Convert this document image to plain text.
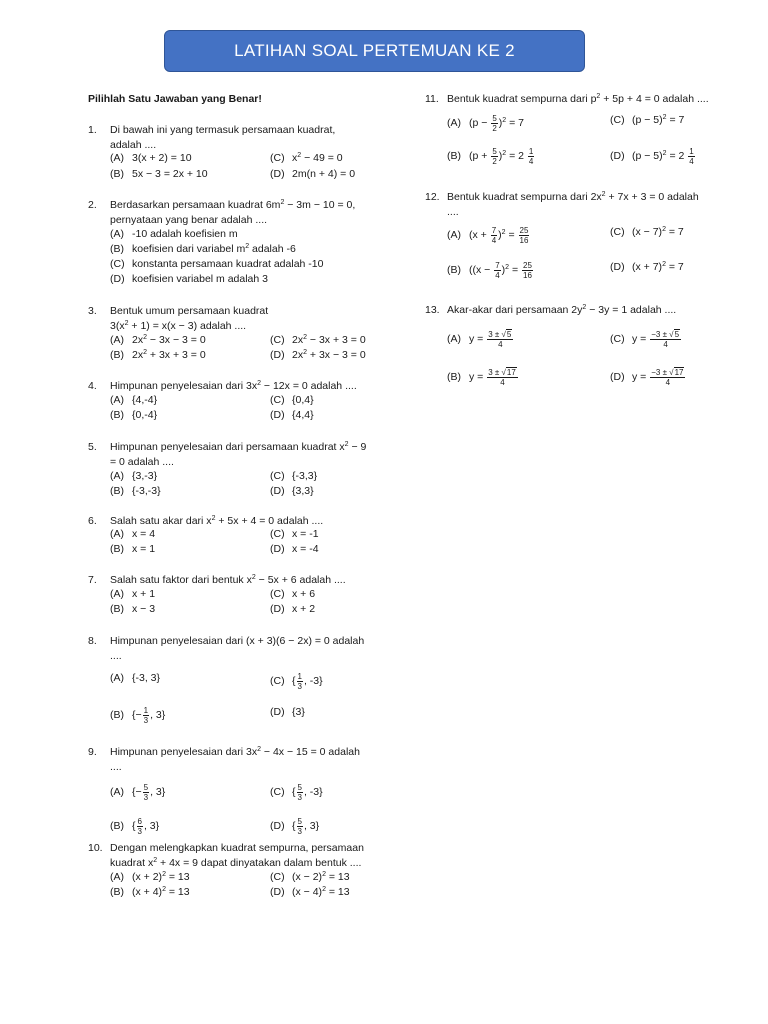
LATIHAN SOAL PERTEMUAN KE 2
Pilihlah Satu Jawaban yang Benar!
1. Di bawah ini yang termasuk persamaan kuadrat,
adalah ....
(A) 3(x + 2) = 10	(C) $x^2 - 49 = 0$
(B) 5x − 3 = 2x + 10	(D) 2m(n + 4) = 0
2. Berdasarkan persamaan kuadrat $6m^2 - 3m - 10 = 0$,
pernyataan yang benar adalah ....
(A) -10 adalah koefisien m
(B) koefisien dari variabel $m^2$ adalah -6
(C) konstanta persamaan kuadrat adalah -10
(D) koefisien variabel m adalah 3
3. Bentuk umum persamaan kuadrat
$3(x^2 + 1) = x(x - 3)$ adalah ....
(A) $2x^2 - 3x - 3 = 0$	(C) $2x^2 - 3x + 3 = 0$
(B) $2x^2 + 3x + 3 = 0$	(D) $2x^2 + 3x - 3 = 0$
4. Himpunan penyelesaian dari $3x^2 - 12x = 0$ adalah ....
(A) {4,-4}	(C) {0,4}
(B) {0,-4}	(D) {4,4}
5. Himpunan penyelesaian dari persamaan kuadrat $x^2 - 9$
= 0 adalah ....
(A) {3,-3}	(C) {-3,3}
(B) {-3,-3}	(D) {3,3}
6. Salah satu akar dari $x^2 + 5x + 4 = 0$ adalah ....
(A) x = 4	(C) x = -1
(B) x = 1	(D) x = -4
7. Salah satu faktor dari bentuk $x^2 - 5x + 6$ adalah ....
(A) x + 1	(C) x + 6
(B) x − 3	(D) x + 2
8. Himpunan penyelesaian dari (x + 3)(6 − 2x) = 0 adalah
....
(A) {-3, 3}	(C) { $\frac{1}{3}$ , -3}
(B) {− $\frac{1}{3}$ , 3}	(D) {3}
9. Himpunan penyelesaian dari $3x^2 - 4x - 15 = 0$ adalah
....
(A) {− $\frac{5}{3}$ , 3}	(C) { $\frac{5}{3}$ , -3}
(B) { $\frac{6}{3}$ , 3}	(D) { $\frac{5}{3}$ , 3}
10. Dengan melengkapkan kuadrat sempurna, persamaan
kuadrat $x^2 + 4x = 9$ dapat dinyatakan dalam bentuk ....
(A) $(x + 2)^2 = 13$	(C) $(x - 2)^2 = 13$
(B) $(x + 4)^2 = 13$	(D) $(x - 4)^2 = 13$
11. Bentuk kuadrat sempurna dari $p^2 + 5p + 4 = 0$ adalah ....
(A) $(p - \frac{5}{2} )^2 = 7$	(C) $(p - 5)^2 = 7$
(B) $(p + \frac{5}{2} )^2 = 2 \frac{1}{4}$	(D) $(p - 5)^2 = 2 \frac{1}{4}$
12. Bentuk kuadrat sempurna dari $2x^2 + 7x + 3 = 0$ adalah
....
(A) $(x + \frac{7}{4} )^2 = \frac{25}{16}$	(C) $(x - 7)^2 = 7$
(B) ($(x - \frac{7}{4} )^2 = \frac{25}{16}$	(D) $(x + 7)^2 = 7$
13. Akar-akar dari persamaan $2y^2 - 3y = 1$ adalah ....
(A) $y = \frac{3 \pm √5}{4}$	(C) $y = \frac{-3 \pm √5}{4}$
(B) $y = \frac{3 \pm √17}{4}$	(D) $y = \frac{-3 \pm √17}{4}$
